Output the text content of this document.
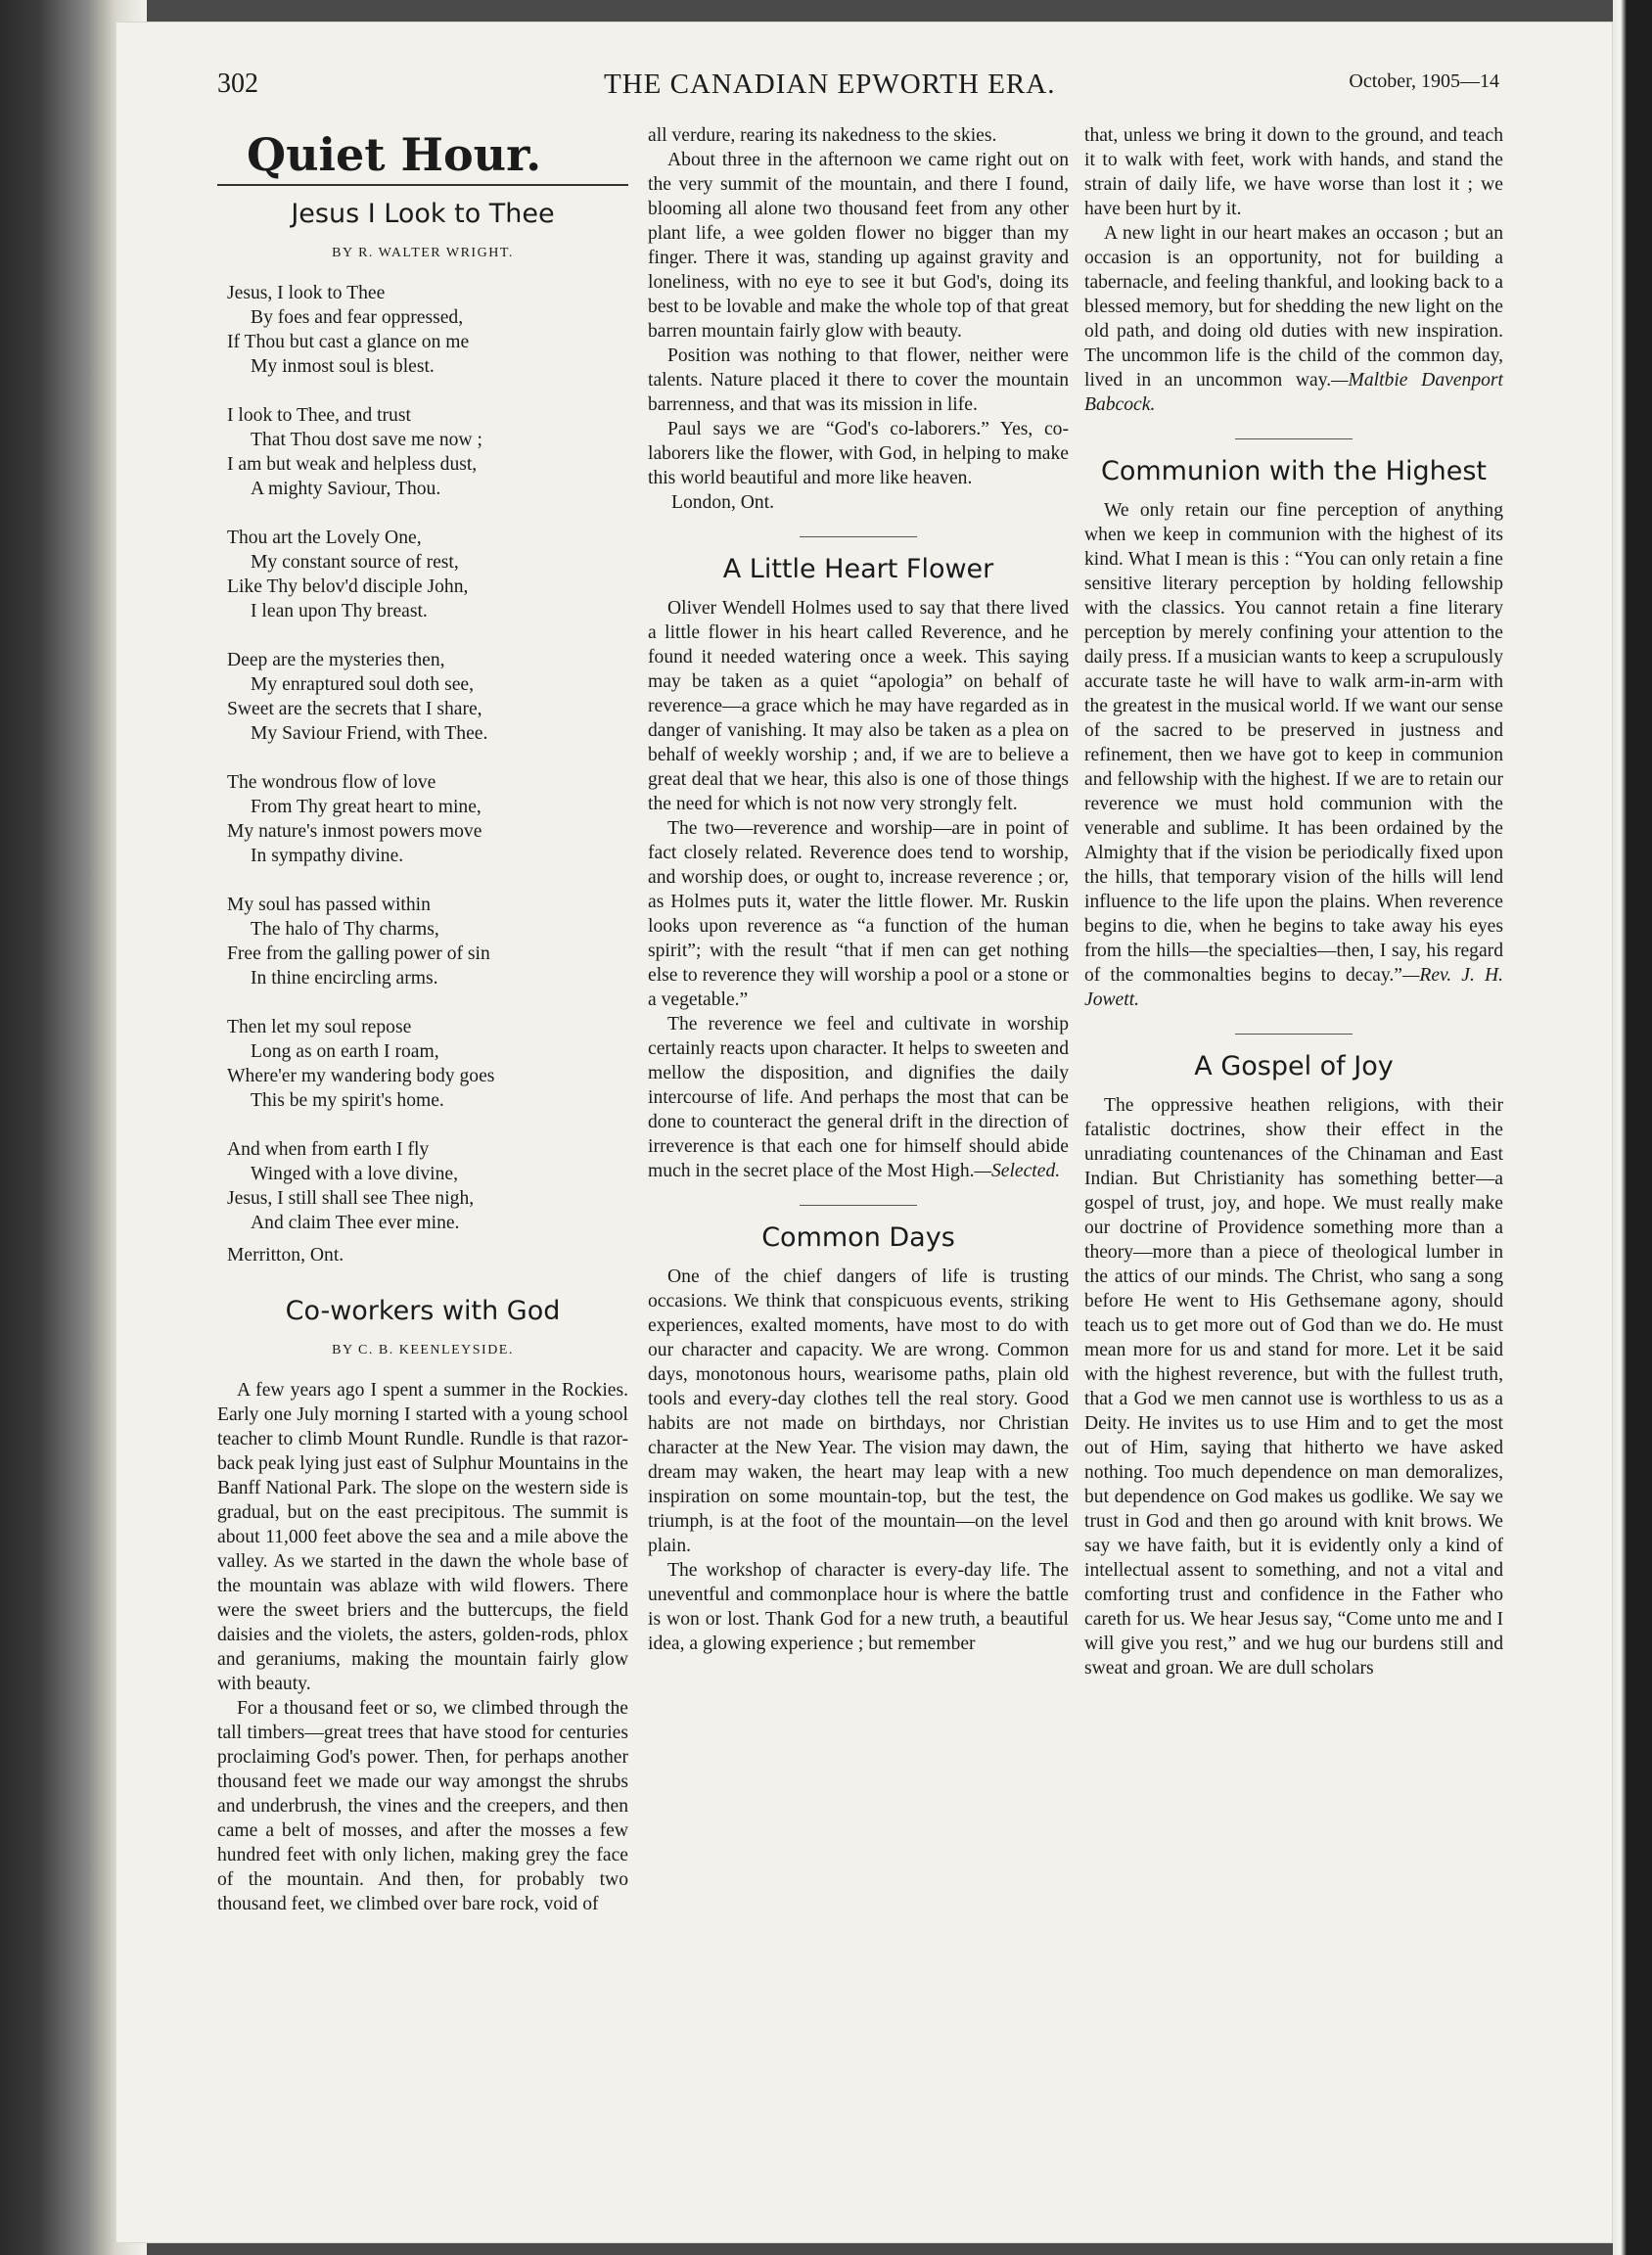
302	THE CANADIAN EPWORTH ERA.	October, 1905—14
Quiet Hour.
Jesus I Look to Thee
BY R. WALTER WRIGHT.
Jesus, I look to Thee
By foes and fear oppressed,
If Thou but cast a glance on me
My inmost soul is blest.
I look to Thee, and trust
That Thou dost save me now ;
I am but weak and helpless dust,
A mighty Saviour, Thou.
Thou art the Lovely One,
My constant source of rest,
Like Thy belov'd disciple John,
I lean upon Thy breast.
Deep are the mysteries then,
My enraptured soul doth see,
Sweet are the secrets that I share,
My Saviour Friend, with Thee.
The wondrous flow of love
From Thy great heart to mine,
My nature's inmost powers move
In sympathy divine.
My soul has passed within
The halo of Thy charms,
Free from the galling power of sin
In thine encircling arms.
Then let my soul repose
Long as on earth I roam,
Where'er my wandering body goes
This be my spirit's home.
And when from earth I fly
Winged with a love divine,
Jesus, I still shall see Thee nigh,
And claim Thee ever mine.
Merritton, Ont.
Co-workers with God
BY C. B. KEENLEYSIDE.

A few years ago I spent a summer in the Rockies. Early one July morning I started with a young school teacher to climb Mount Rundle. Rundle is that razor-back peak lying just east of Sulphur Mountains in the Banff National Park. The slope on the western side is gradual, but on the east precipitous. The summit is about 11,000 feet above the sea and a mile above the valley. As we started in the dawn the whole base of the mountain was ablaze with wild flowers. There were the sweet briers and the buttercups, the field daisies and the violets, the asters, golden-rods, phlox and geraniums, making the mountain fairly glow with beauty.

For a thousand feet or so, we climbed through the tall timbers—great trees that have stood for centuries proclaiming God's power. Then, for perhaps another thousand feet we made our way amongst the shrubs and underbrush, the vines and the creepers, and then came a belt of mosses, and after the mosses a few hundred feet with only lichen, making grey the face of the mountain. And then, for probably two thousand feet, we climbed over bare rock, void of

all verdure, rearing its nakedness to the skies.

About three in the afternoon we came right out on the very summit of the mountain, and there I found, blooming all alone two thousand feet from any other plant life, a wee golden flower no bigger than my finger. There it was, standing up against gravity and loneliness, with no eye to see it but God's, doing its best to be lovable and make the whole top of that great barren mountain fairly glow with beauty.

Position was nothing to that flower, neither were talents. Nature placed it there to cover the mountain barrenness, and that was its mission in life.

Paul says we are “God's co-laborers.” Yes, co-laborers like the flower, with God, in helping to make this world beautiful and more like heaven.

London, Ont.
A Little Heart Flower

Oliver Wendell Holmes used to say that there lived a little flower in his heart called Reverence, and he found it needed watering once a week. This saying may be taken as a quiet “apologia” on behalf of reverence—a grace which he may have regarded as in danger of vanishing. It may also be taken as a plea on behalf of weekly worship ; and, if we are to believe a great deal that we hear, this also is one of those things the need for which is not now very strongly felt.

The two—reverence and worship—are in point of fact closely related. Reverence does tend to worship, and worship does, or ought to, increase reverence ; or, as Holmes puts it, water the little flower. Mr. Ruskin looks upon reverence as “a function of the human spirit”; with the result “that if men can get nothing else to reverence they will worship a pool or a stone or a vegetable.”

The reverence we feel and cultivate in worship certainly reacts upon character. It helps to sweeten and mellow the disposition, and dignifies the daily intercourse of life. And perhaps the most that can be done to counteract the general drift in the direction of irreverence is that each one for himself should abide much in the secret place of the Most High.—Selected.

Common Days

One of the chief dangers of life is trusting occasions. We think that conspicuous events, striking experiences, exalted moments, have most to do with our character and capacity. We are wrong. Common days, monotonous hours, wearisome paths, plain old tools and every-day clothes tell the real story. Good habits are not made on birthdays, nor Christian character at the New Year. The vision may dawn, the dream may waken, the heart may leap with a new inspiration on some mountain-top, but the test, the triumph, is at the foot of the mountain—on the level plain.

The workshop of character is every-day life. The uneventful and commonplace hour is where the battle is won or lost. Thank God for a new truth, a beautiful idea, a glowing experience ; but remember

that, unless we bring it down to the ground, and teach it to walk with feet, work with hands, and stand the strain of daily life, we have worse than lost it ; we have been hurt by it.

A new light in our heart makes an occason ; but an occasion is an opportunity, not for building a tabernacle, and feeling thankful, and looking back to a blessed memory, but for shedding the new light on the old path, and doing old duties with new inspiration. The uncommon life is the child of the common day, lived in an uncommon way.—Maltbie Davenport Babcock.

Communion with the Highest

We only retain our fine perception of anything when we keep in communion with the highest of its kind. What I mean is this : “You can only retain a fine sensitive literary perception by holding fellowship with the classics. You cannot retain a fine literary perception by merely confining your attention to the daily press. If a musician wants to keep a scrupulously accurate taste he will have to walk arm-in-arm with the greatest in the musical world. If we want our sense of the sacred to be preserved in justness and refinement, then we have got to keep in communion and fellowship with the highest. If we are to retain our reverence we must hold communion with the venerable and sublime. It has been ordained by the Almighty that if the vision be periodically fixed upon the hills, that temporary vision of the hills will lend influence to the life upon the plains. When reverence begins to die, when he begins to take away his eyes from the hills—the specialties—then, I say, his regard of the commonalties begins to decay.”—Rev. J. H. Jowett.

A Gospel of Joy

The oppressive heathen religions, with their fatalistic doctrines, show their effect in the unradiating countenances of the Chinaman and East Indian. But Christianity has something better—a gospel of trust, joy, and hope. We must really make our doctrine of Providence something more than a theory—more than a piece of theological lumber in the attics of our minds. The Christ, who sang a song before He went to His Gethsemane agony, should teach us to get more out of God than we do. He must mean more for us and stand for more. Let it be said with the highest reverence, but with the fullest truth, that a God we men cannot use is worthless to us as a Deity. He invites us to use Him and to get the most out of Him, saying that hitherto we have asked nothing. Too much dependence on man demoralizes, but dependence on God makes us godlike. We say we trust in God and then go around with knit brows. We say we have faith, but it is evidently only a kind of intellectual assent to something, and not a vital and comforting trust and confidence in the Father who careth for us. We hear Jesus say, “Come unto me and I will give you rest,” and we hug our burdens still and sweat and groan. We are dull scholars
